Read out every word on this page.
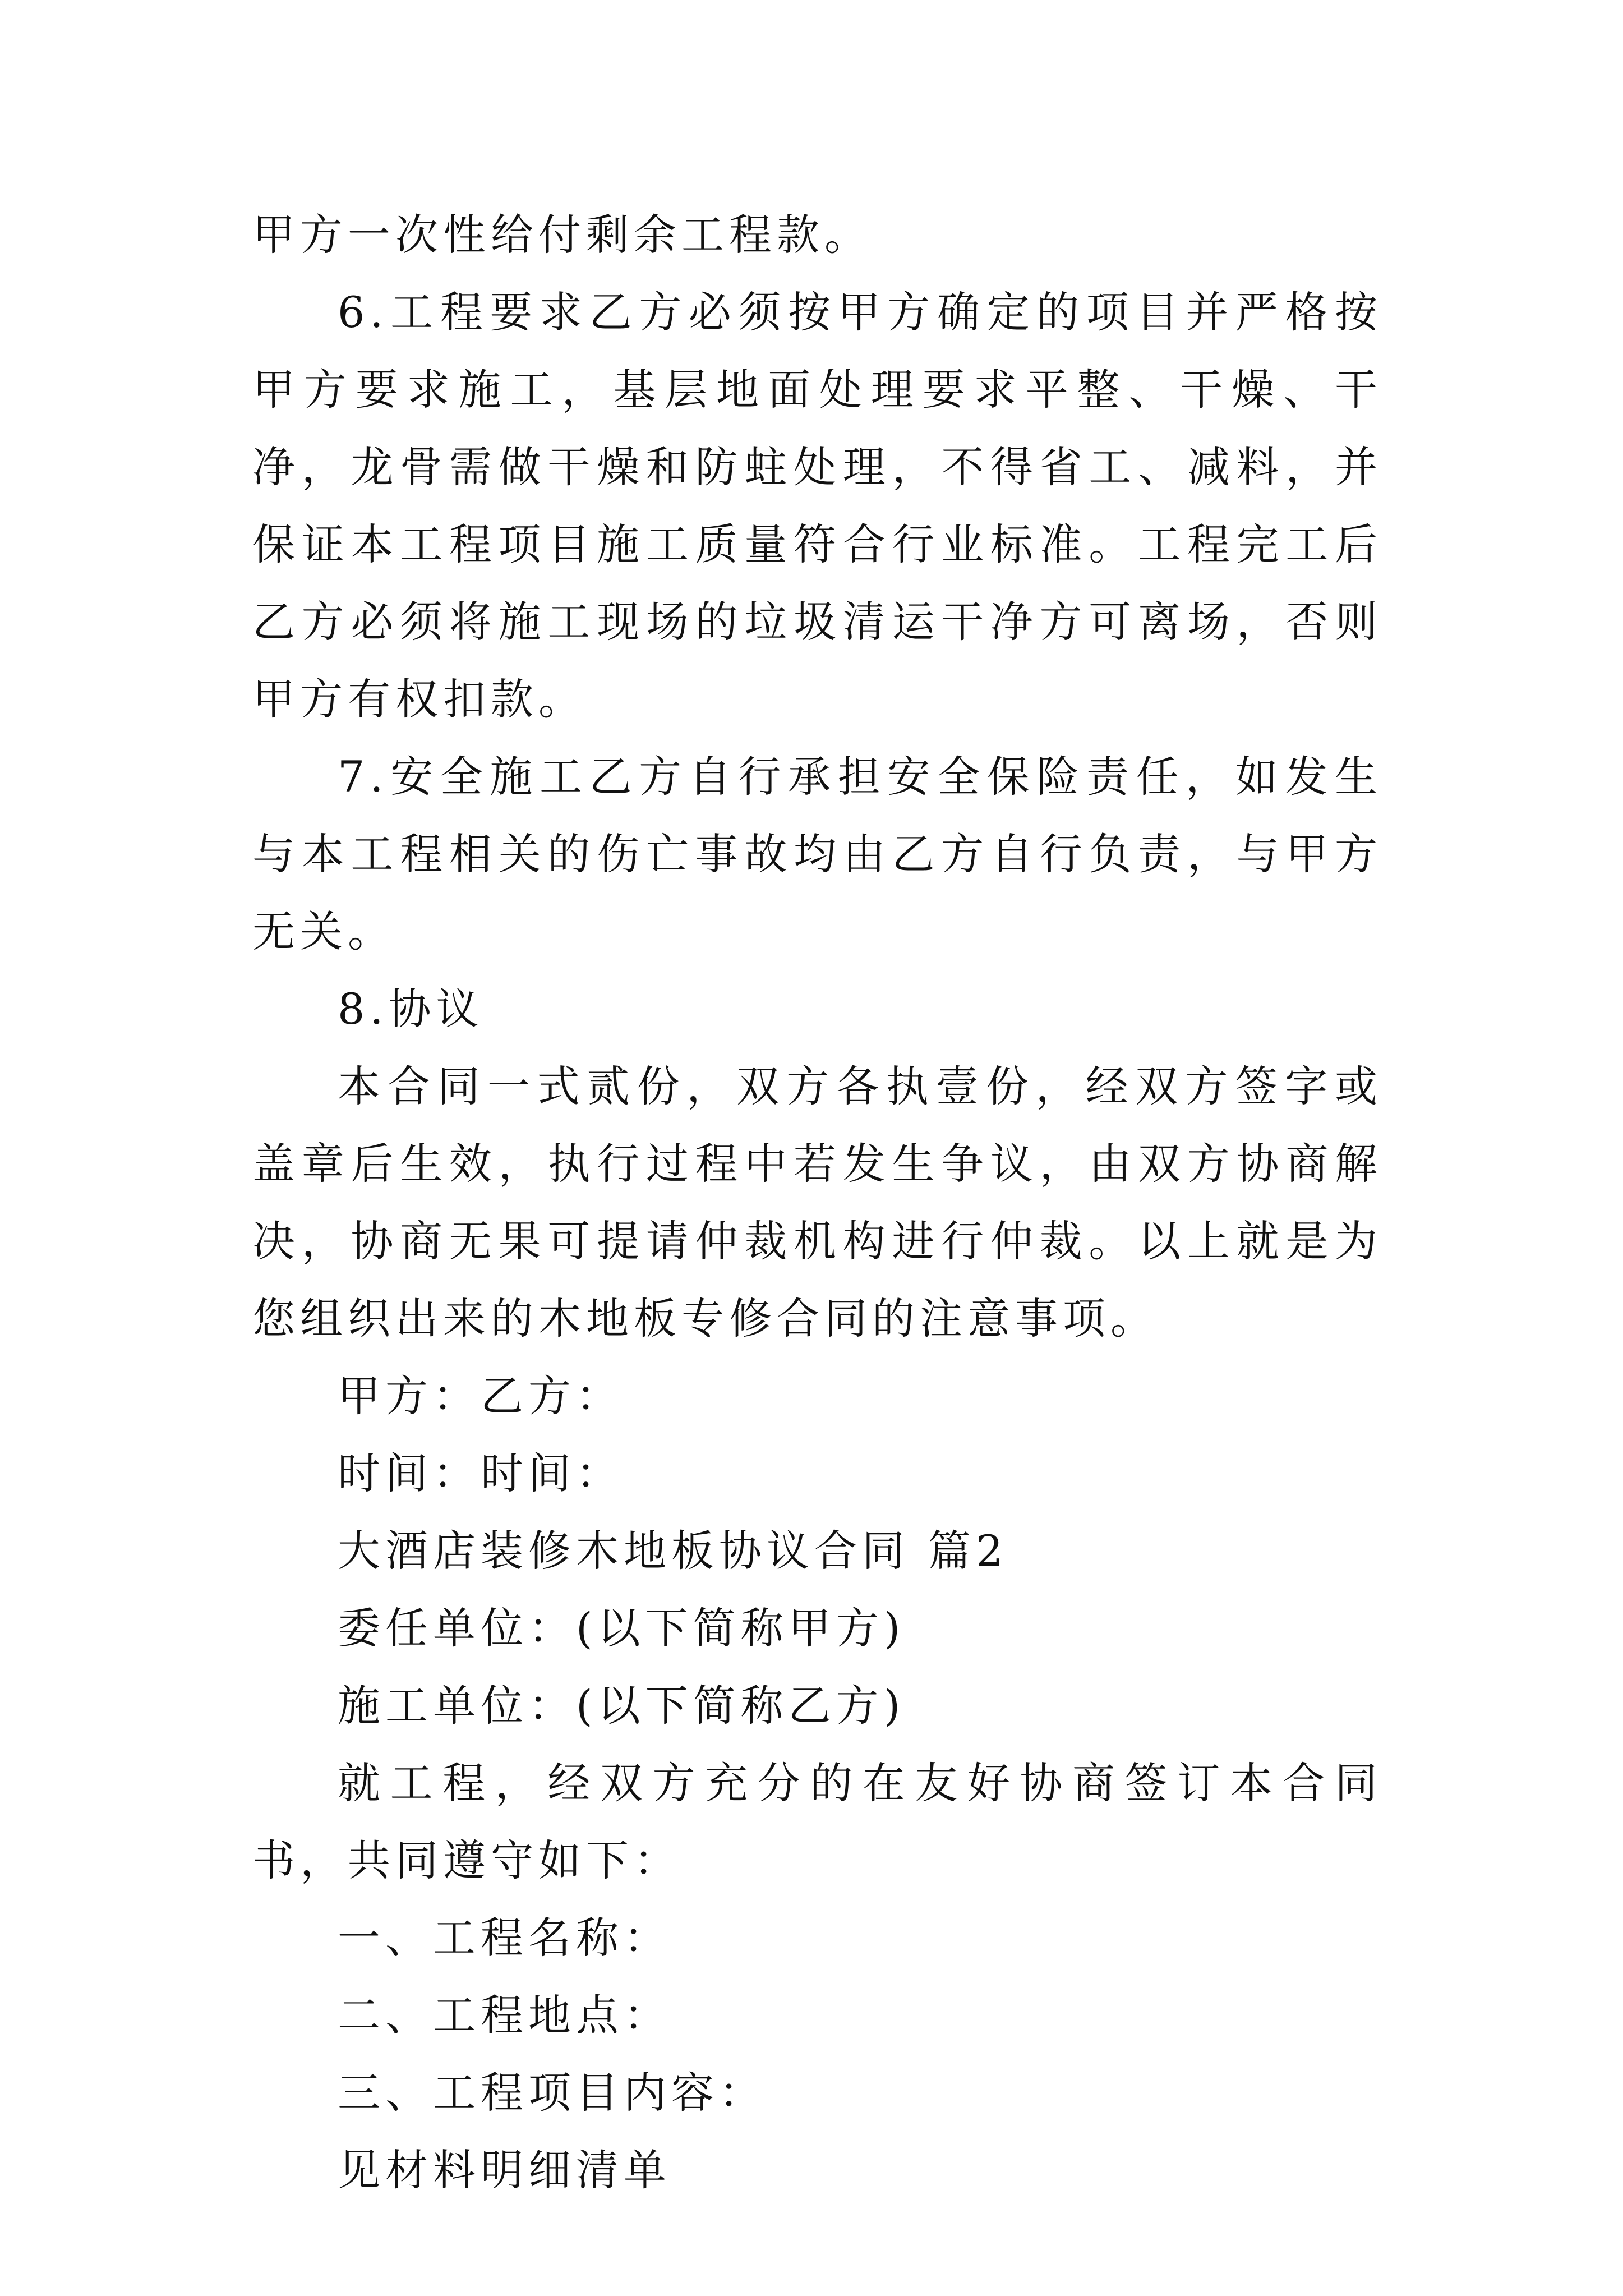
甲方一次性给付剩余工程款。

6.工程要求乙方必须按甲方确定的项目并严格按甲方要求施工，基层地面处理要求平整、干燥、干净，龙骨需做干燥和防蛀处理，不得省工、减料，并保证本工程项目施工质量符合行业标准。工程完工后乙方必须将施工现场的垃圾清运干净方可离场，否则甲方有权扣款。

7.安全施工乙方自行承担安全保险责任，如发生与本工程相关的伤亡事故均由乙方自行负责，与甲方无关。

8.协议

本合同一式贰份，双方各执壹份，经双方签字或盖章后生效，执行过程中若发生争议，由双方协商解决，协商无果可提请仲裁机构进行仲裁。以上就是为您组织出来的木地板专修合同的注意事项。

甲方：乙方：

时间：时间：

大酒店装修木地板协议合同 篇2

委任单位：(以下简称甲方)

施工单位：(以下简称乙方)

就工程，经双方充分的在友好协商签订本合同书，共同遵守如下：

一、工程名称：

二、工程地点：

三、工程项目内容：

见材料明细清单
